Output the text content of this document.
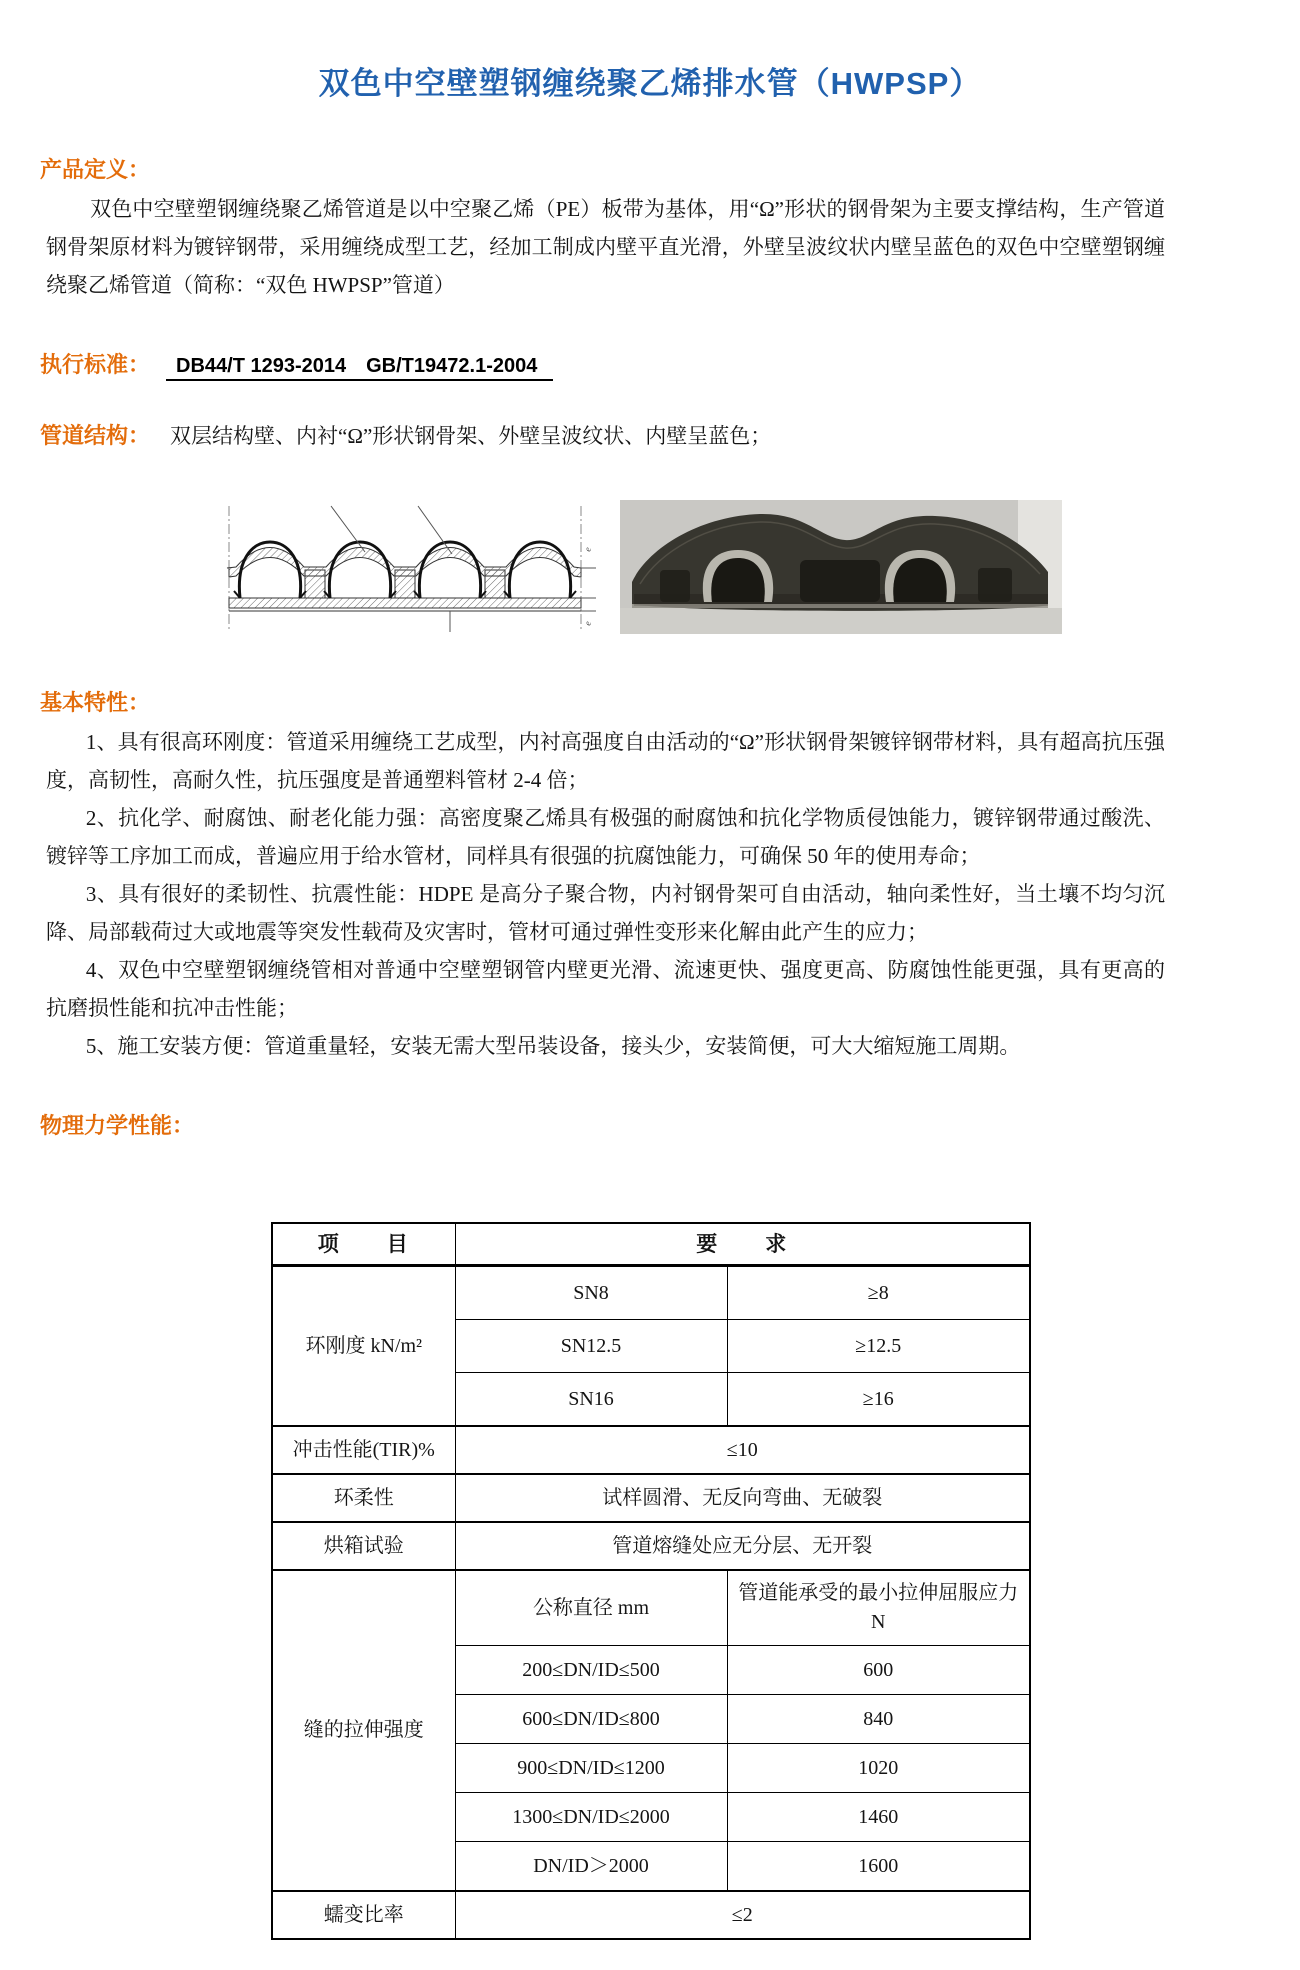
双色中空壁塑钢缠绕聚乙烯排水管（HWPSP）
产品定义：

双色中空壁塑钢缠绕聚乙烯管道是以中空聚乙烯（PE）板带为基体，用“Ω”形状的钢骨架为主要支撑结构，生产管道钢骨架原材料为镀锌钢带，采用缠绕成型工艺，经加工制成内壁平直光滑，外壁呈波纹状内壁呈蓝色的双色中空壁塑钢缠绕聚乙烯管道（简称：“双色 HWPSP”管道）

执行标准： DB44/T 1293-2014　GB/T19472.1-2004
管道结构： 双层结构壁、内衬“Ω”形状钢骨架、外壁呈波纹状、内壁呈蓝色；
e
e
基本特性：

1、具有很高环刚度：管道采用缠绕工艺成型，内衬高强度自由活动的“Ω”形状钢骨架镀锌钢带材料，具有超高抗压强度，高韧性，高耐久性，抗压强度是普通塑料管材 2-4 倍；

2、抗化学、耐腐蚀、耐老化能力强：高密度聚乙烯具有极强的耐腐蚀和抗化学物质侵蚀能力，镀锌钢带通过酸洗、镀锌等工序加工而成，普遍应用于给水管材，同样具有很强的抗腐蚀能力，可确保 50 年的使用寿命；

3、具有很好的柔韧性、抗震性能：HDPE 是高分子聚合物，内衬钢骨架可自由活动，轴向柔性好，当土壤不均匀沉降、局部载荷过大或地震等突发性载荷及灾害时，管材可通过弹性变形来化解由此产生的应力；

4、双色中空壁塑钢缠绕管相对普通中空壁塑钢管内壁更光滑、流速更快、强度更高、防腐蚀性能更强，具有更高的抗磨损性能和抗冲击性能；

5、施工安装方便：管道重量轻，安装无需大型吊装设备，接头少，安装简便，可大大缩短施工周期。

物理力学性能：
项　　目	要　　求	
环刚度 kN/m²	SN8	≥8
	SN12.5	≥12.5
	SN16	≥16
冲击性能(TIR)%	≤10	
环柔性	试样圆滑、无反向弯曲、无破裂	
烘箱试验	管道熔缝处应无分层、无开裂	
缝的拉伸强度	公称直径 mm	管道能承受的最小拉伸屈服应力 N
	200≤DN/ID≤500	600
	600≤DN/ID≤800	840
	900≤DN/ID≤1200	1020
	1300≤DN/ID≤2000	1460
	DN/ID＞2000	1600
蠕变比率	≤2	
